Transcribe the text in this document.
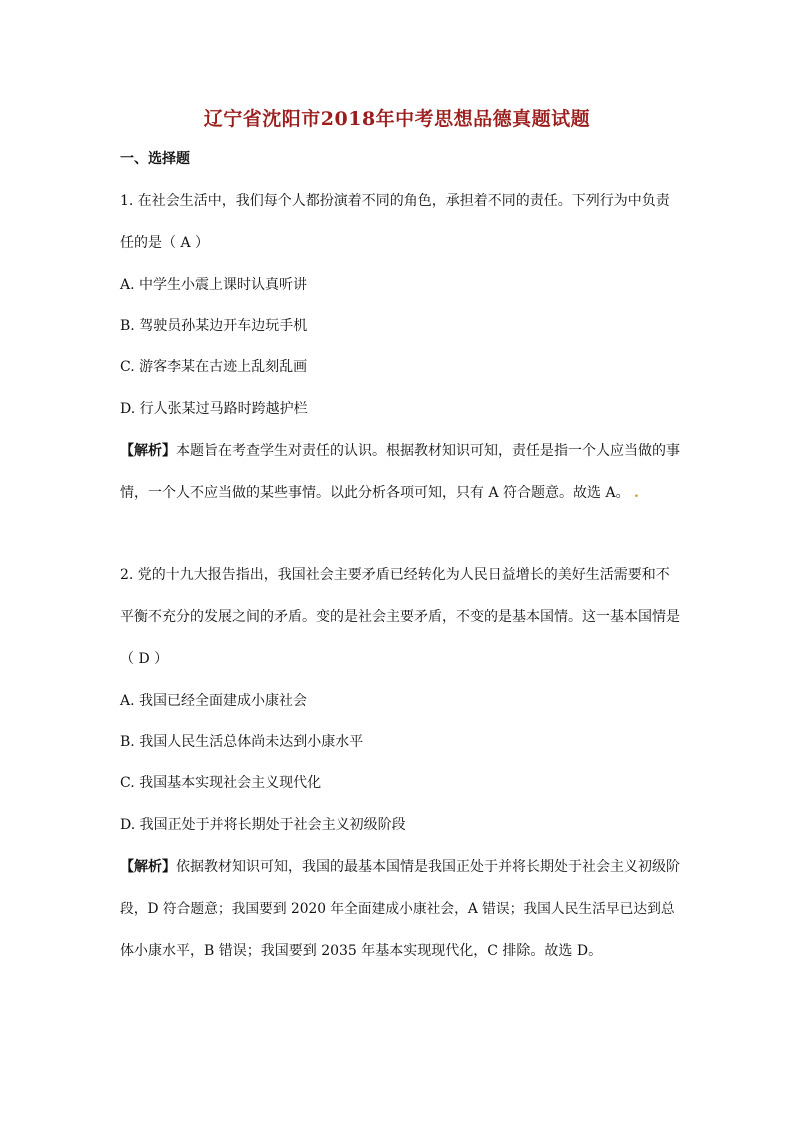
辽宁省沈阳市2018年中考思想品德真题试题
一、选择题
1. 在社会生活中，我们每个人都扮演着不同的角色，承担着不同的责任。下列行为中负责
任的是（ A ）
A. 中学生小震上课时认真听讲
B. 驾驶员孙某边开车边玩手机
C. 游客李某在古迹上乱刻乱画
D. 行人张某过马路时跨越护栏
【解析】本题旨在考查学生对责任的认识。根据教材知识可知，责任是指一个人应当做的事
情，一个人不应当做的某些事情。以此分析各项可知，只有 A 符合题意。故选 A。 .
2. 党的十九大报告指出，我国社会主要矛盾已经转化为人民日益增长的美好生活需要和不
平衡不充分的发展之间的矛盾。变的是社会主要矛盾，不变的是基本国情。这一基本国情是
（ D ）
A. 我国已经全面建成小康社会
B. 我国人民生活总体尚未达到小康水平
C. 我国基本实现社会主义现代化
D. 我国正处于并将长期处于社会主义初级阶段
【解析】依据教材知识可知，我国的最基本国情是我国正处于并将长期处于社会主义初级阶
段，D 符合题意；我国要到 2020 年全面建成小康社会，A 错误；我国人民生活早已达到总
体小康水平，B 错误；我国要到 2035 年基本实现现代化，C 排除。故选 D。
